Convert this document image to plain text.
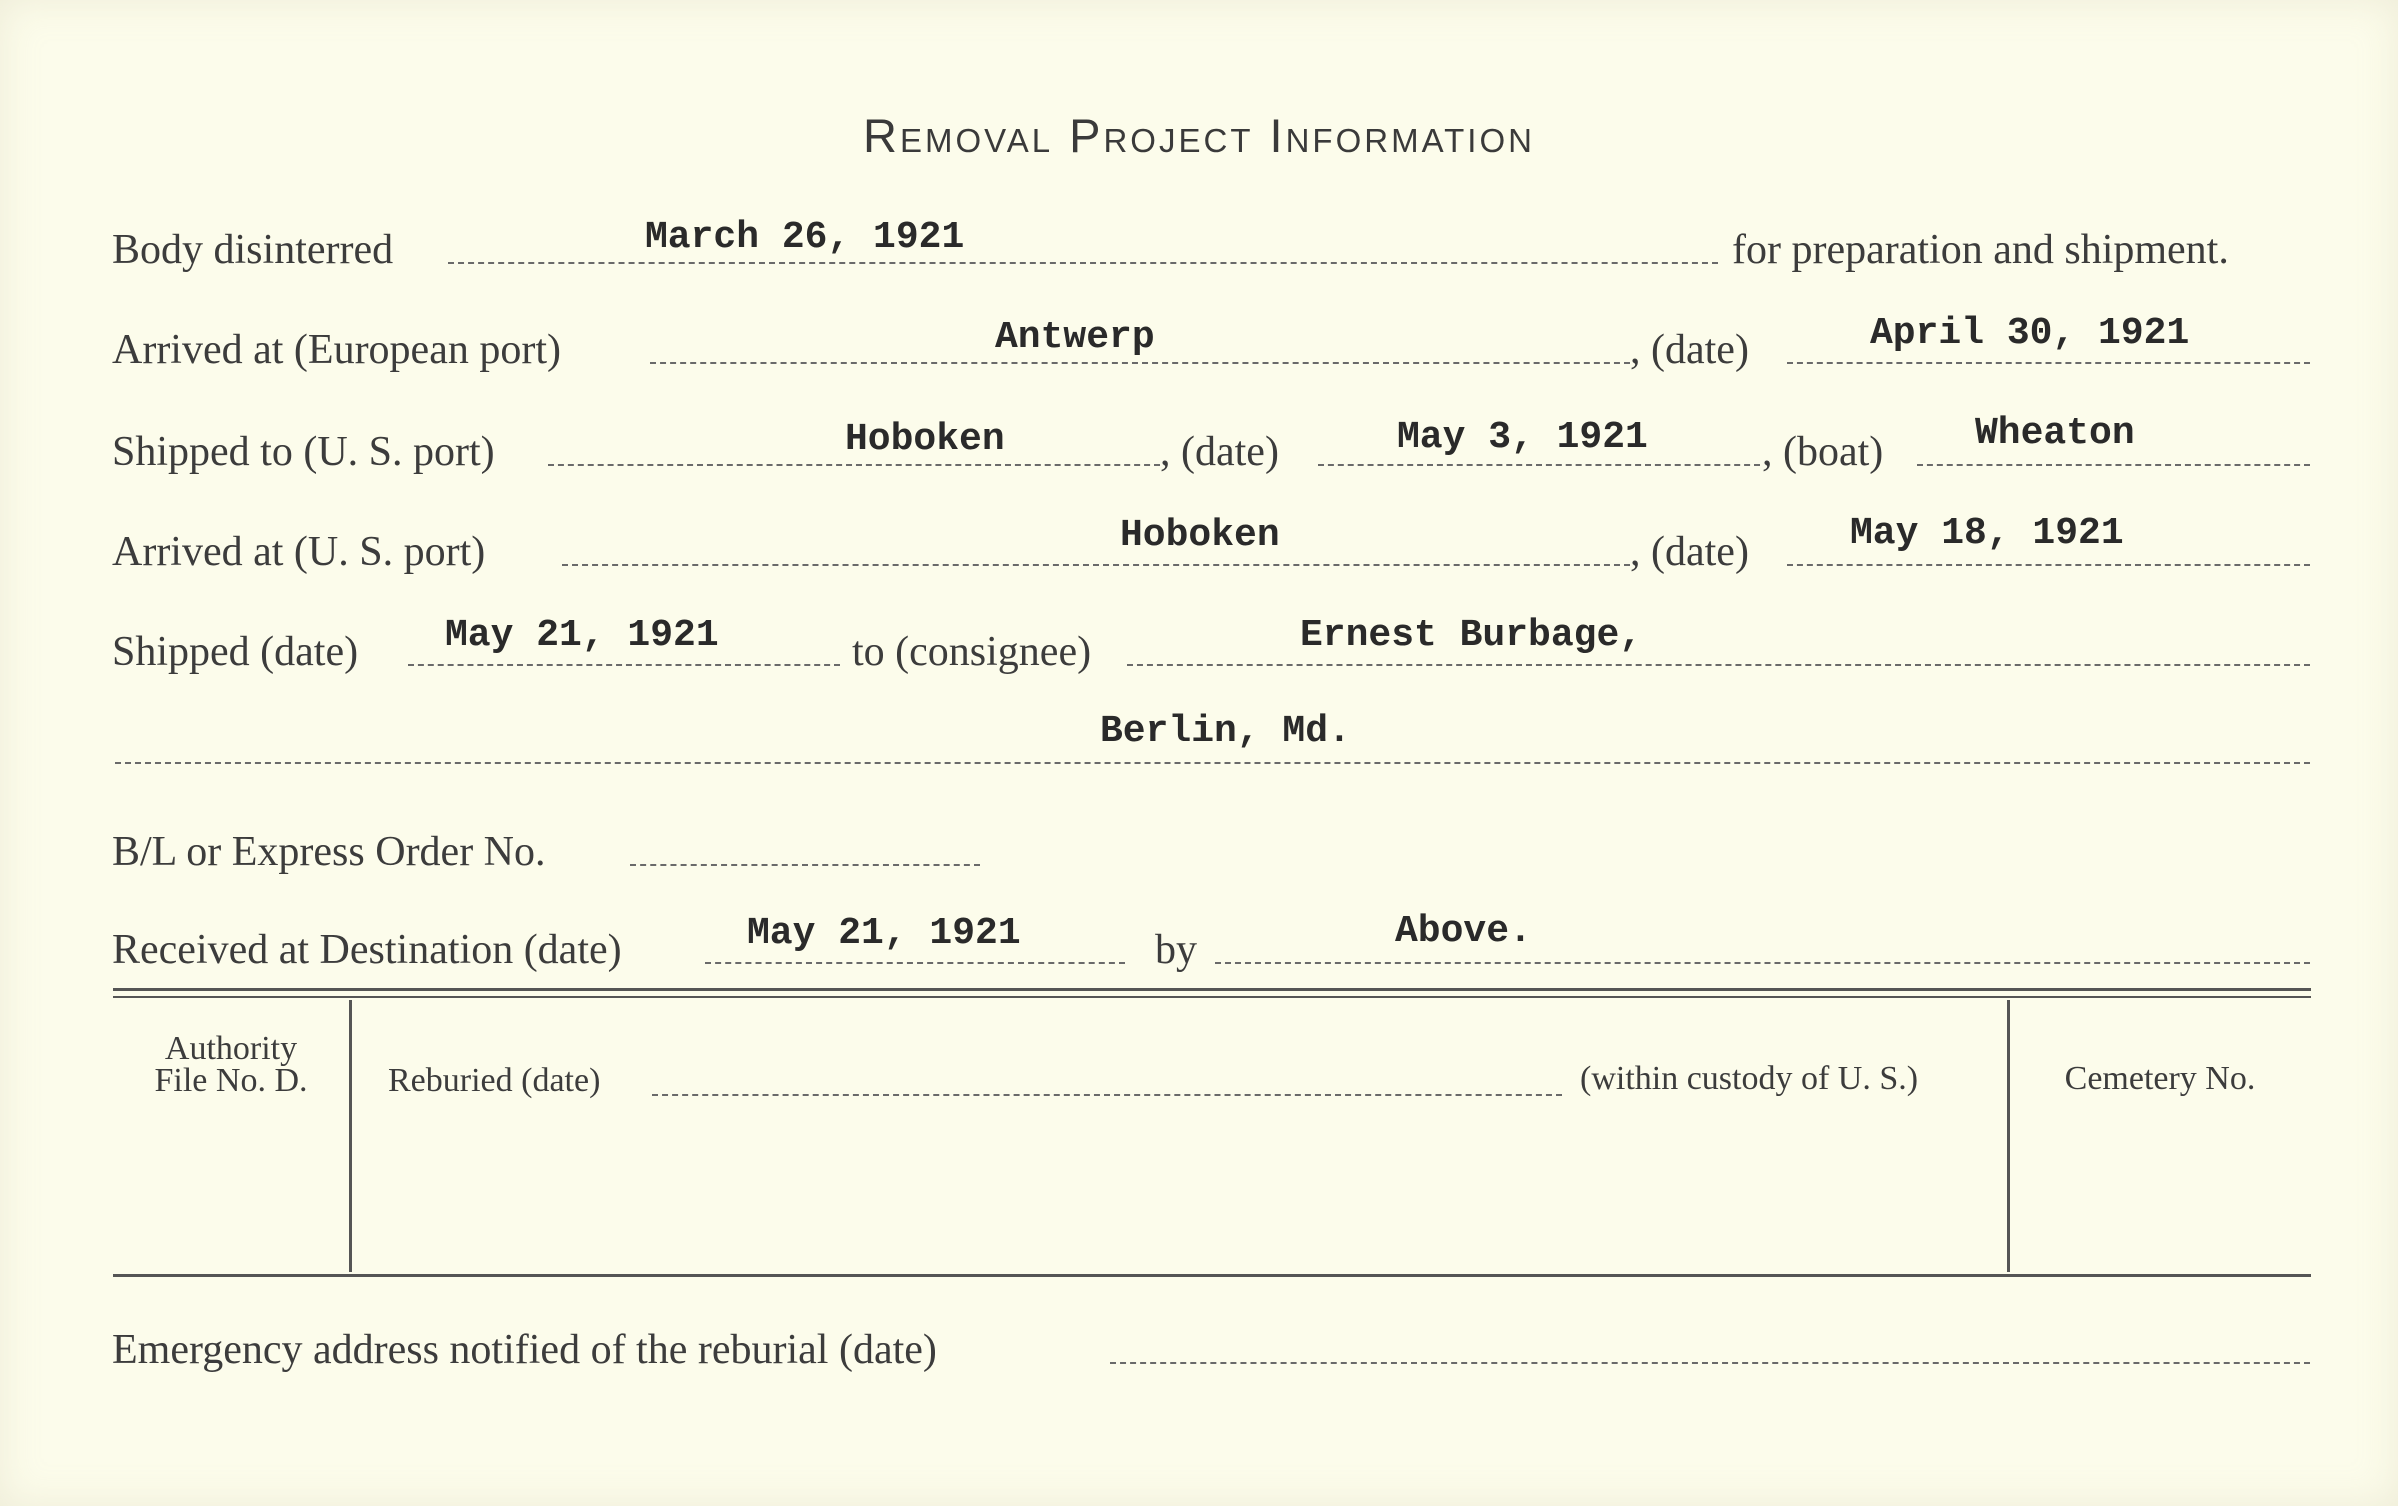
Removal Project Information
Body disinterred	March 26, 1921	for preparation and shipment.
Arrived at (European port)	Antwerp	, (date)	April 30, 1921
Shipped to (U. S. port)	Hoboken	, (date)	May 3, 1921	, (boat) Wheaton
Arrived at (U. S. port)	Hoboken	, (date)	May 18, 1921
Shipped (date) May 21, 1921	to (consignee)	Ernest Burbage,
Berlin, Md.
B/L or Express Order No.
Received at Destination (date)	May 21, 1921	by	Above.
Authority
File No. D.	Reburied (date)	(within custody of U. S.)	Cemetery No.
Emergency address notified of the reburial (date)
